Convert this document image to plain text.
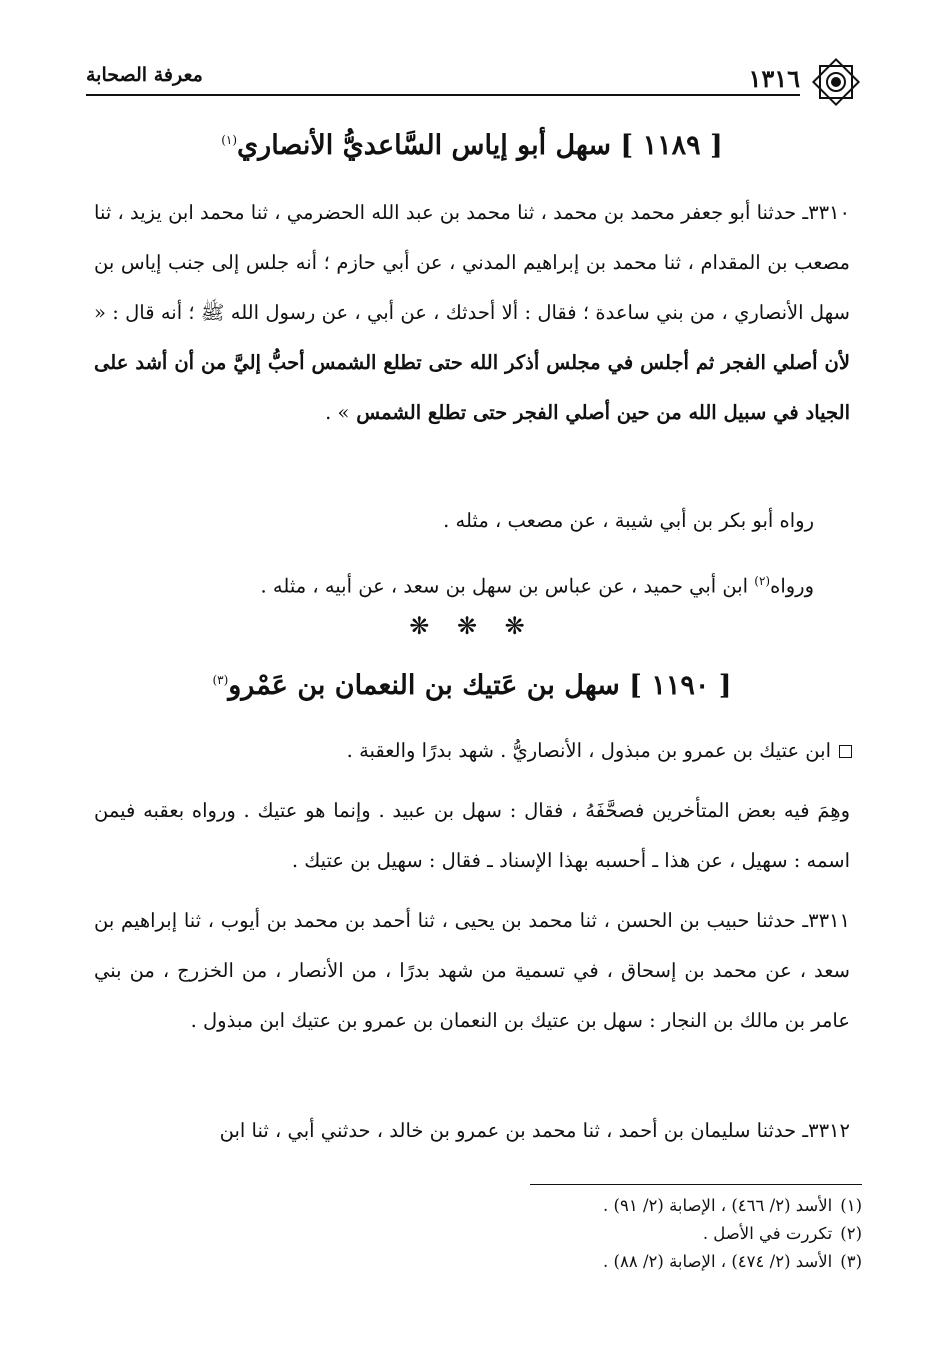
١٣١٦
معرفة الصحابة
[ ١١٨٩ ] سهل أبو إياس السَّاعديُّ الأنصاري$^{(١)}$
٣٣١٠ـ حدثنا أبو جعفر محمد بن محمد ، ثنا محمد بن عبد الله الحضرمي ، ثنا محمد ابن يزيد ، ثنا مصعب بن المقدام ، ثنا محمد بن إبراهيم المدني ، عن أبي حازم ؛ أنه جلس إلى جنب إياس بن سهل الأنصاري ، من بني ساعدة ؛ فقال : ألا أحدثك ، عن أبي ، عن رسول الله ﷺ ؛ أنه قال : « لأن أصلي الفجر ثم أجلس في مجلس أذكر الله حتى تطلع الشمس أحبُّ إليَّ من أن أشد على الجياد في سبيل الله من حين أصلي الفجر حتى تطلع الشمس » .
رواه أبو بكر بن أبي شيبة ، عن مصعب ، مثله .
ورواه$^{(٢)}$ ابن أبي حميد ، عن عباس بن سهل بن سعد ، عن أبيه ، مثله .
❋ ❋ ❋
[ ١١٩٠ ] سهل بن عَتيك بن النعمان بن عَمْرو$^{(٣)}$
ابن عتيك بن عمرو بن مبذول ، الأنصاريُّ . شهد بدرًا والعقبة .
وهِمَ فيه بعض المتأخرين فصحَّفَهُ ، فقال : سهل بن عبيد . وإنما هو عتيك . ورواه بعقبه فيمن اسمه : سهيل ، عن هذا ـ أحسبه بهذا الإسناد ـ فقال : سهيل بن عتيك .
٣٣١١ـ حدثنا حبيب بن الحسن ، ثنا محمد بن يحيى ، ثنا أحمد بن محمد بن أيوب ، ثنا إبراهيم بن سعد ، عن محمد بن إسحاق ، في تسمية من شهد بدرًا ، من الأنصار ، من الخزرج ، من بني عامر بن مالك بن النجار : سهل بن عتيك بن النعمان بن عمرو بن عتيك ابن مبذول .
٣٣١٢ـ حدثنا سليمان بن أحمد ، ثنا محمد بن عمرو بن خالد ، حدثني أبي ، ثنا ابن
(١)الأسد (٢/ ٤٦٦) ، الإصابة (٢/ ٩١) .
(٢)تكررت في الأصل .
(٣)الأسد (٢/ ٤٧٤) ، الإصابة (٢/ ٨٨) .
